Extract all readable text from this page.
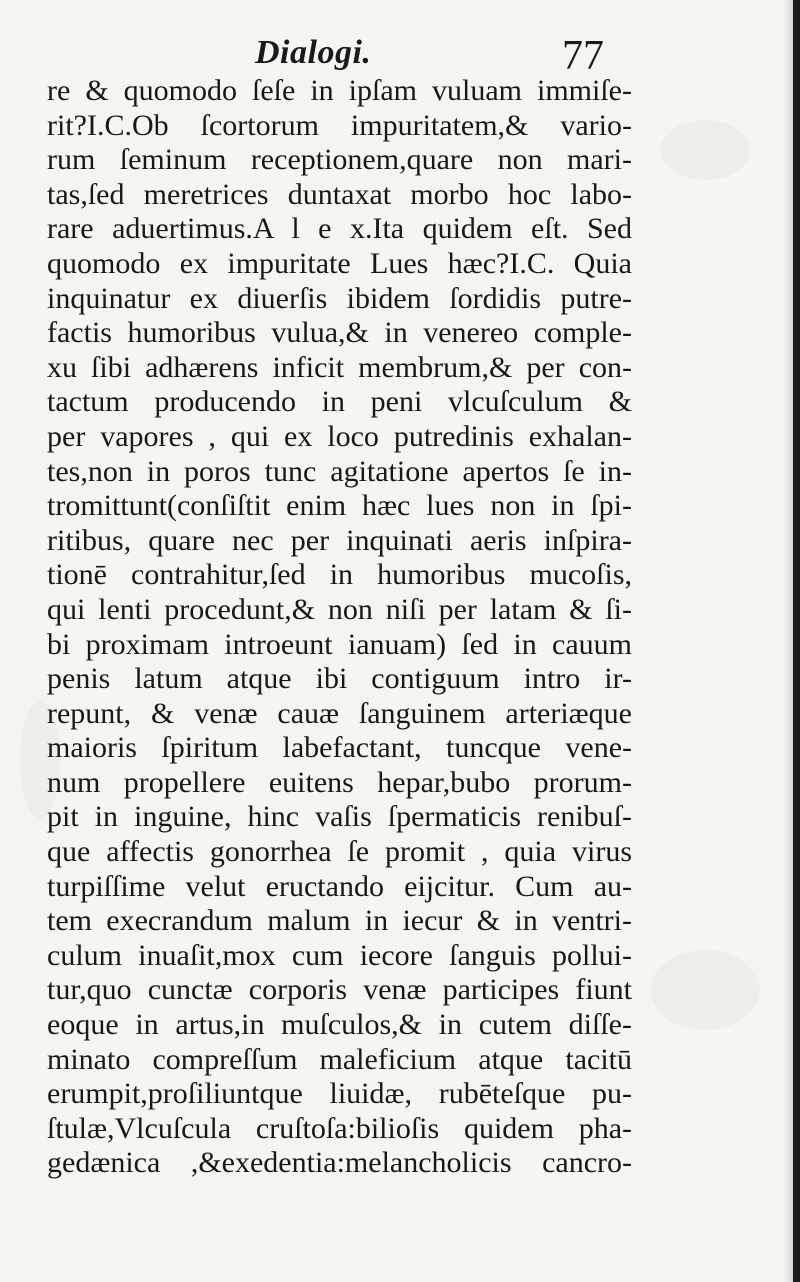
Dialogi.	77
re & quomodo ſeſe in ipſam vuluam immiſe-
rit?I.C.Ob ſcortorum impuritatem,& vario-
rum ſeminum receptionem,quare non mari-
tas,ſed meretrices duntaxat morbo hoc labo-
rare aduertimus.A l e x.Ita quidem eſt. Sed
quomodo ex impuritate Lues hæc?I.C. Quia
inquinatur ex diuerſis ibidem ſordidis putre-
factis humoribus vulua,& in venereo comple-
xu ſibi adhærens inficit membrum,& per con-
tactum producendo in peni vlcuſculum &
per vapores , qui ex loco putredinis exhalan-
tes,non in poros tunc agitatione apertos ſe in-
tromittunt(conſiſtit enim hæc lues non in ſpi-
ritibus, quare nec per inquinati aeris inſpira-
tionē contrahitur,ſed in humoribus mucoſis,
qui lenti procedunt,& non niſi per latam & ſi-
bi proximam introeunt ianuam) ſed in cauum
penis latum atque ibi contiguum intro ir-
repunt, & venæ cauæ ſanguinem arteriæque
maioris ſpiritum labefactant, tuncque vene-
num propellere euitens hepar,bubo prorum-
pit in inguine, hinc vaſis ſpermaticis renibuſ-
que affectis gonorrhea ſe promit , quia virus
turpiſſime velut eructando eijcitur. Cum au-
tem execrandum malum in iecur & in ventri-
culum inuaſit,mox cum iecore ſanguis pollui-
tur,quo cunctæ corporis venæ participes fiunt
eoque in artus,in muſculos,& in cutem diſſe-
minato compreſſum maleficium atque tacitū
erumpit,proſiliuntque liuidæ, rubēteſque pu-
ſtulæ,Vlcuſcula cruſtoſa:bilioſis quidem pha-
gedænica ,&exedentia:melancholicis cancro-
